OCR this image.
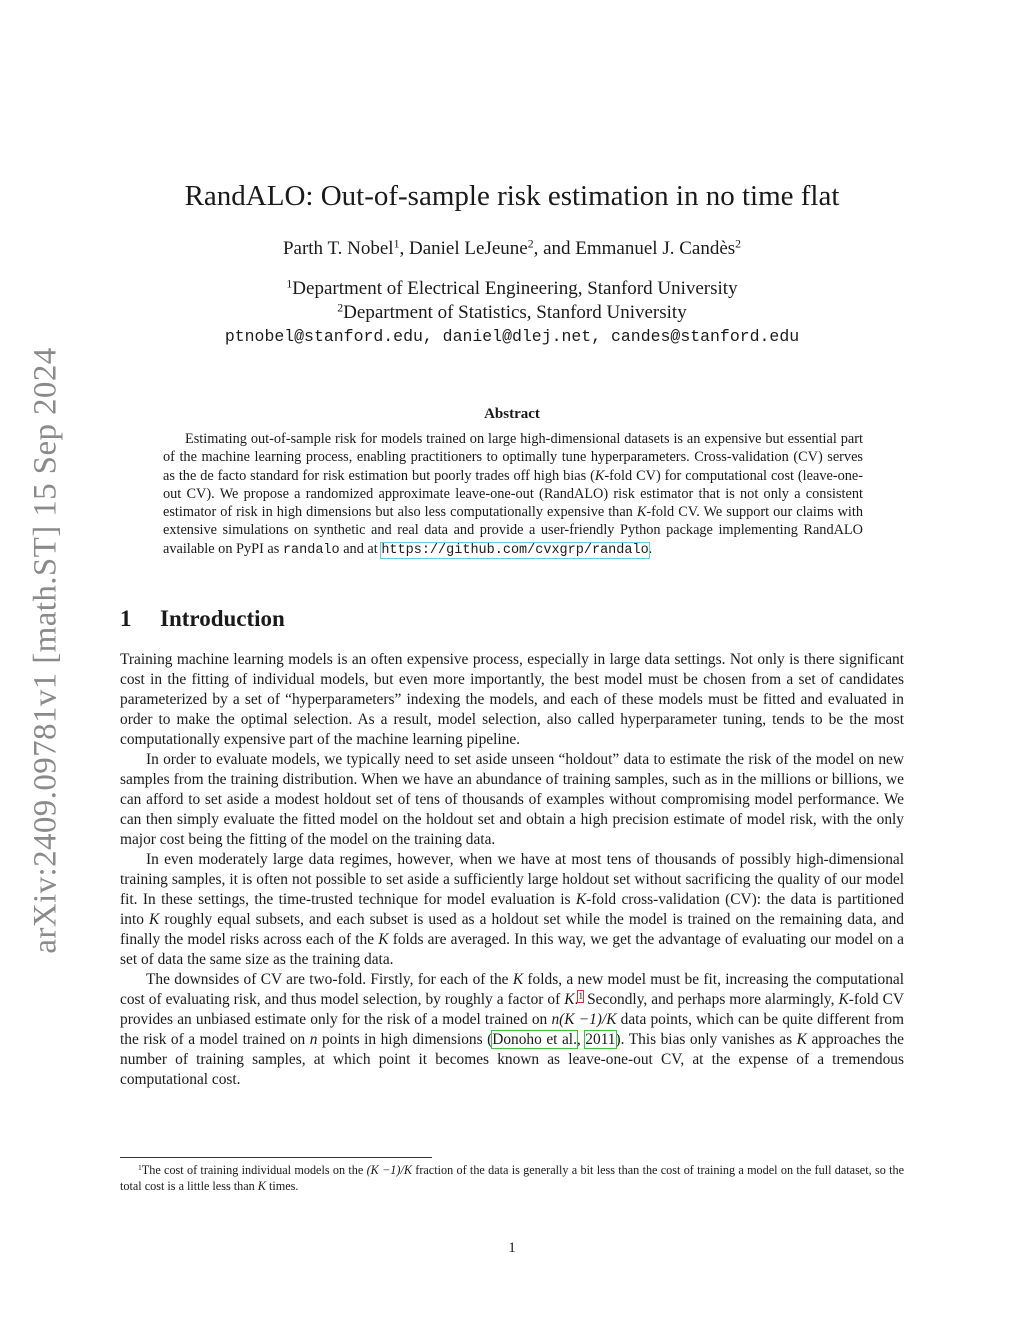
arXiv:2409.09781v1 [math.ST] 15 Sep 2024
RandALO: Out-of-sample risk estimation in no time flat
Parth T. Nobel$^1$, Daniel LeJeune$^2$, and Emmanuel J. Candès$^2$
$^1$Department of Electrical Engineering, Stanford University
$^2$Department of Statistics, Stanford University
ptnobel@stanford.edu, daniel@dlej.net, candes@stanford.edu
Abstract
Estimating out-of-sample risk for models trained on large high-dimensional datasets is an expensive but essential part of the machine learning process, enabling practitioners to optimally tune hyperparameters. Cross-validation (CV) serves as the de facto standard for risk estimation but poorly trades off high bias (K-fold CV) for computational cost (leave-one-out CV). We propose a randomized approximate leave-one-out (RandALO) risk estimator that is not only a consistent estimator of risk in high dimensions but also less computationally expensive than K-fold CV. We support our claims with extensive simulations on synthetic and real data and provide a user-friendly Python package implementing RandALO available on PyPI as randalo and at https://github.com/cvxgrp/randalo.
1 Introduction

Training machine learning models is an often expensive process, especially in large data settings. Not only is there significant cost in the fitting of individual models, but even more importantly, the best model must be chosen from a set of candidates parameterized by a set of “hyperparameters” indexing the models, and each of these models must be fitted and evaluated in order to make the optimal selection. As a result, model selection, also called hyperparameter tuning, tends to be the most computationally expensive part of the machine learning pipeline.

In order to evaluate models, we typically need to set aside unseen “holdout” data to estimate the risk of the model on new samples from the training distribution. When we have an abundance of training samples, such as in the millions or billions, we can afford to set aside a modest holdout set of tens of thousands of examples without compromising model performance. We can then simply evaluate the fitted model on the holdout set and obtain a high precision estimate of model risk, with the only major cost being the fitting of the model on the training data.

In even moderately large data regimes, however, when we have at most tens of thousands of possibly high-dimensional training samples, it is often not possible to set aside a sufficiently large holdout set without sacrificing the quality of our model fit. In these settings, the time-trusted technique for model evaluation is K-fold cross-validation (CV): the data is partitioned into K roughly equal subsets, and each subset is used as a holdout set while the model is trained on the remaining data, and finally the model risks across each of the K folds are averaged. In this way, we get the advantage of evaluating our model on a set of data the same size as the training data.

The downsides of CV are two-fold. Firstly, for each of the K folds, a new model must be fit, increasing the computational cost of evaluating risk, and thus model selection, by roughly a factor of K.$^1$ Secondly, and perhaps more alarmingly, K-fold CV provides an unbiased estimate only for the risk of a model trained on n(K −1)/K data points, which can be quite different from the risk of a model trained on n points in high dimensions (Donoho et al., 2011). This bias only vanishes as K approaches the number of training samples, at which point it becomes known as leave-one-out CV, at the expense of a tremendous computational cost.

$^1$The cost of training individual models on the (K −1)/K fraction of the data is generally a bit less than the cost of training a model on the full dataset, so the total cost is a little less than K times.
1
